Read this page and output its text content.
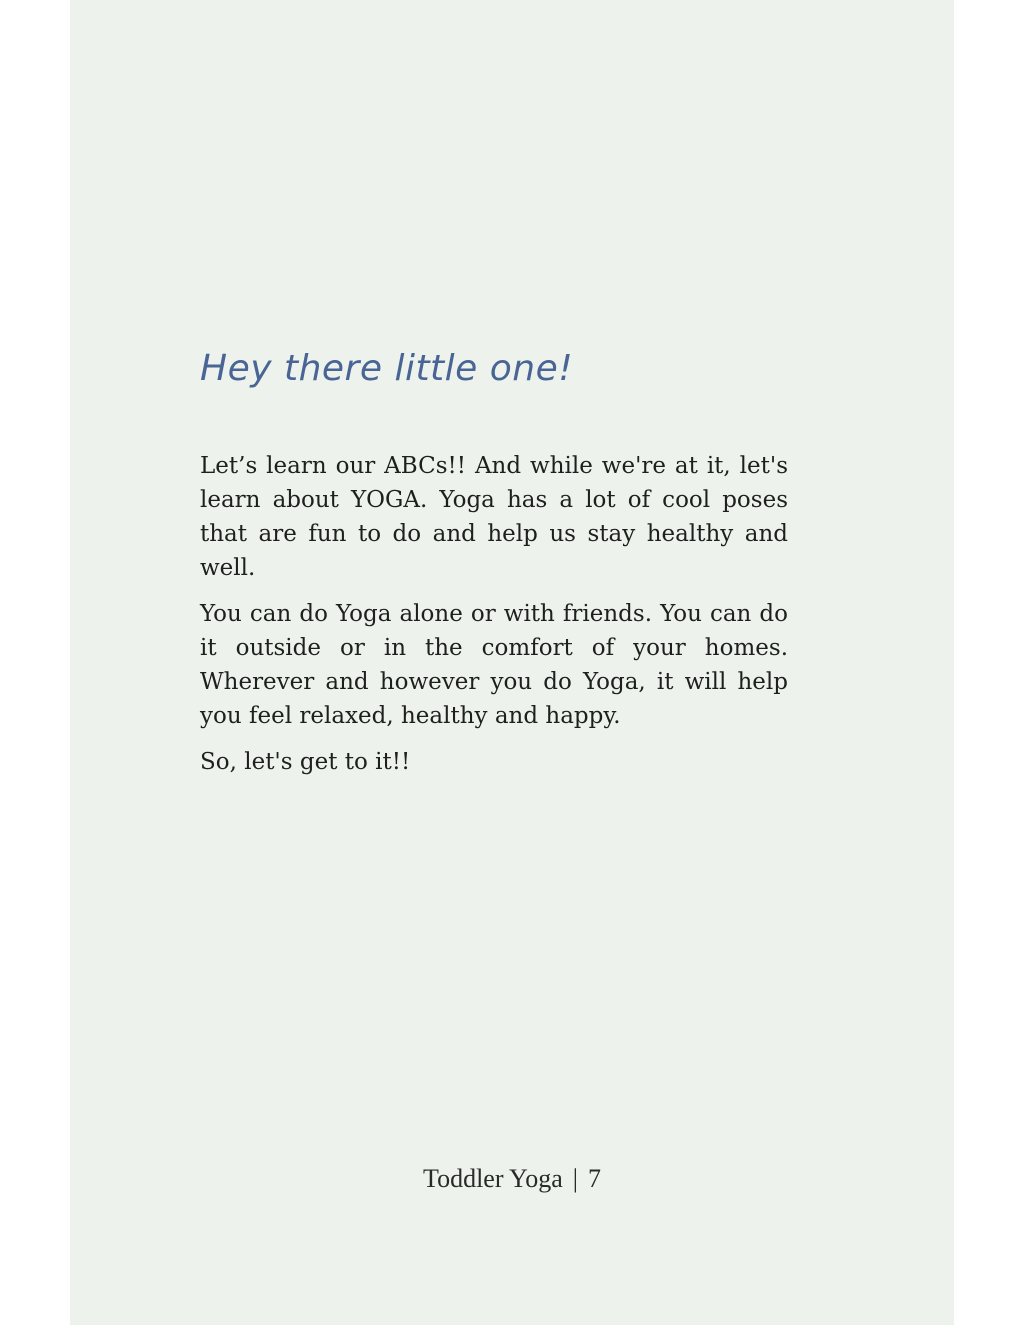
Hey there little one!

Let’s learn our ABCs!! And while we're at it, let's learn about YOGA. Yoga has a lot of cool poses that are fun to do and help us stay healthy and well.

You can do Yoga alone or with friends. You can do it outside or in the comfort of your homes. Wherever and however you do Yoga, it will help you feel relaxed, healthy and happy.

So, let's get to it!!

Toddler Yoga | 7
